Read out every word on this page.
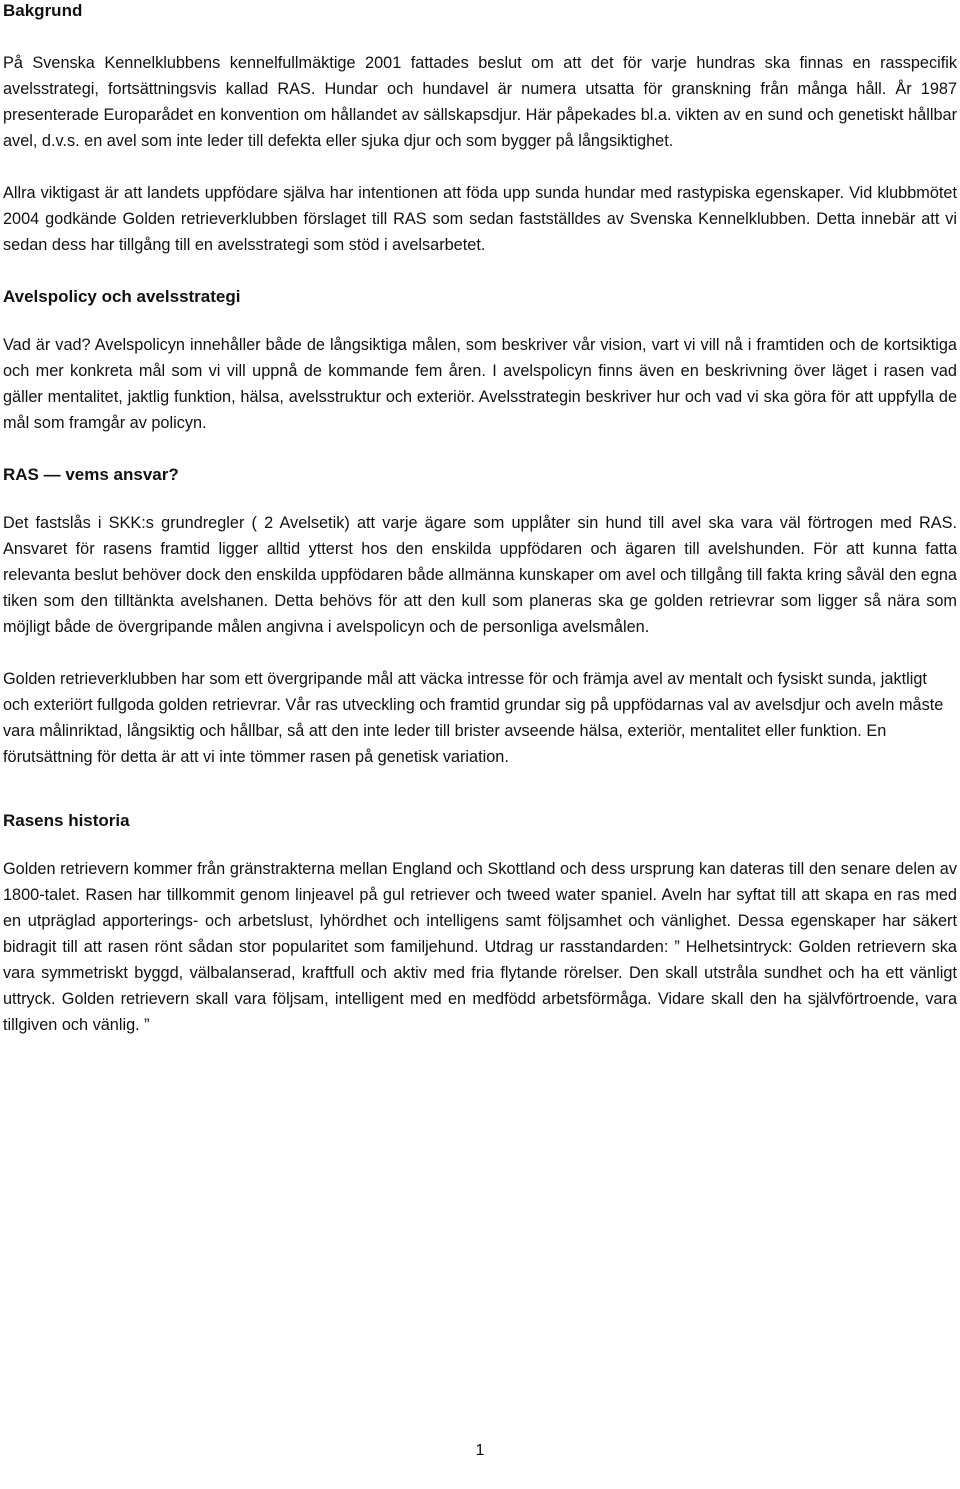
Bakgrund

På Svenska Kennelklubbens kennelfullmäktige 2001 fattades beslut om att det för varje hundras ska finnas en rasspecifik avelsstrategi, fortsättningsvis kallad RAS. Hundar och hundavel är numera utsatta för granskning från många håll. År 1987 presenterade Europarådet en konvention om hållandet av sällskapsdjur. Här påpekades bl.a. vikten av en sund och genetiskt hållbar avel, d.v.s. en avel som inte leder till defekta eller sjuka djur och som bygger på långsiktighet.

Allra viktigast är att landets uppfödare själva har intentionen att föda upp sunda hundar med rastypiska egenskaper. Vid klubbmötet 2004 godkände Golden retrieverklubben förslaget till RAS som sedan fastställdes av Svenska Kennelklubben. Detta innebär att vi sedan dess har tillgång till en avelsstrategi som stöd i avelsarbetet.

Avelspolicy och avelsstrategi

Vad är vad? Avelspolicyn innehåller både de långsiktiga målen, som beskriver vår vision, vart vi vill nå i framtiden och de kortsiktiga och mer konkreta mål som vi vill uppnå de kommande fem åren. I avelspolicyn finns även en beskrivning över läget i rasen vad gäller mentalitet, jaktlig funktion, hälsa, avelsstruktur och exteriör. Avelsstrategin beskriver hur och vad vi ska göra för att uppfylla de mål som framgår av policyn.

RAS — vems ansvar?

Det fastslås i SKK:s grundregler ( 2 Avelsetik) att varje ägare som upplåter sin hund till avel ska vara väl förtrogen med RAS. Ansvaret för rasens framtid ligger alltid ytterst hos den enskilda uppfödaren och ägaren till avelshunden. För att kunna fatta relevanta beslut behöver dock den enskilda uppfödaren både allmänna kunskaper om avel och tillgång till fakta kring såväl den egna tiken som den tilltänkta avelshanen. Detta behövs för att den kull som planeras ska ge golden retrievrar som ligger så nära som möjligt både de övergripande målen angivna i avelspolicyn och de personliga avelsmålen.

Golden retrieverklubben har som ett övergripande mål att väcka intresse för och främja avel av mentalt och fysiskt sunda, jaktligt och exteriört fullgoda golden retrievrar. Vår ras utveckling och framtid grundar sig på uppfödarnas val av avelsdjur och aveln måste vara målinriktad, långsiktig och hållbar, så att den inte leder till brister avseende hälsa, exteriör, mentalitet eller funktion. En förutsättning för detta är att vi inte tömmer rasen på genetisk variation.

Rasens historia

Golden retrievern kommer från gränstrakterna mellan England och Skottland och dess ursprung kan dateras till den senare delen av 1800-talet. Rasen har tillkommit genom linjeavel på gul retriever och tweed water spaniel. Aveln har syftat till att skapa en ras med en utpräglad apporterings- och arbetslust, lyhördhet och intelligens samt följsamhet och vänlighet. Dessa egenskaper har säkert bidragit till att rasen rönt sådan stor popularitet som familjehund. Utdrag ur rasstandarden: ” Helhetsintryck: Golden retrievern ska vara symmetriskt byggd, välbalanserad, kraftfull och aktiv med fria flytande rörelser. Den skall utstråla sundhet och ha ett vänligt uttryck. Golden retrievern skall vara följsam, intelligent med en medfödd arbetsförmåga. Vidare skall den ha självförtroende, vara tillgiven och vänlig. ”

1
